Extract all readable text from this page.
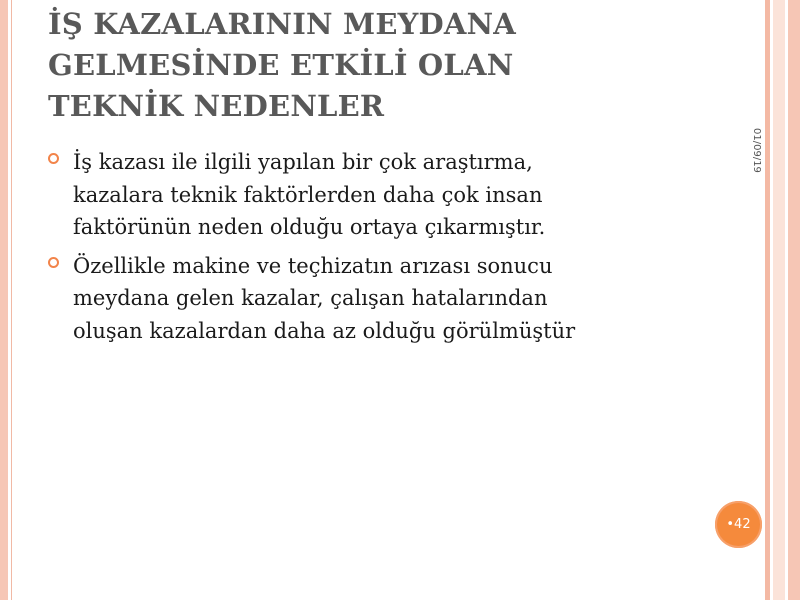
İŞ KAZALARININ MEYDANA
GELMESİNDE ETKİLİ OLAN
TEKNİK NEDENLER
İş kazası ile ilgili yapılan bir çok araştırma,
kazalara teknik faktörlerden daha çok insan
faktörünün neden olduğu ortaya çıkarmıştır.
Özellikle makine ve teçhizatın arızası sonucu
meydana gelen kazalar, çalışan hatalarından
oluşan kazalardan daha az olduğu görülmüştür
01/09/19
•42
